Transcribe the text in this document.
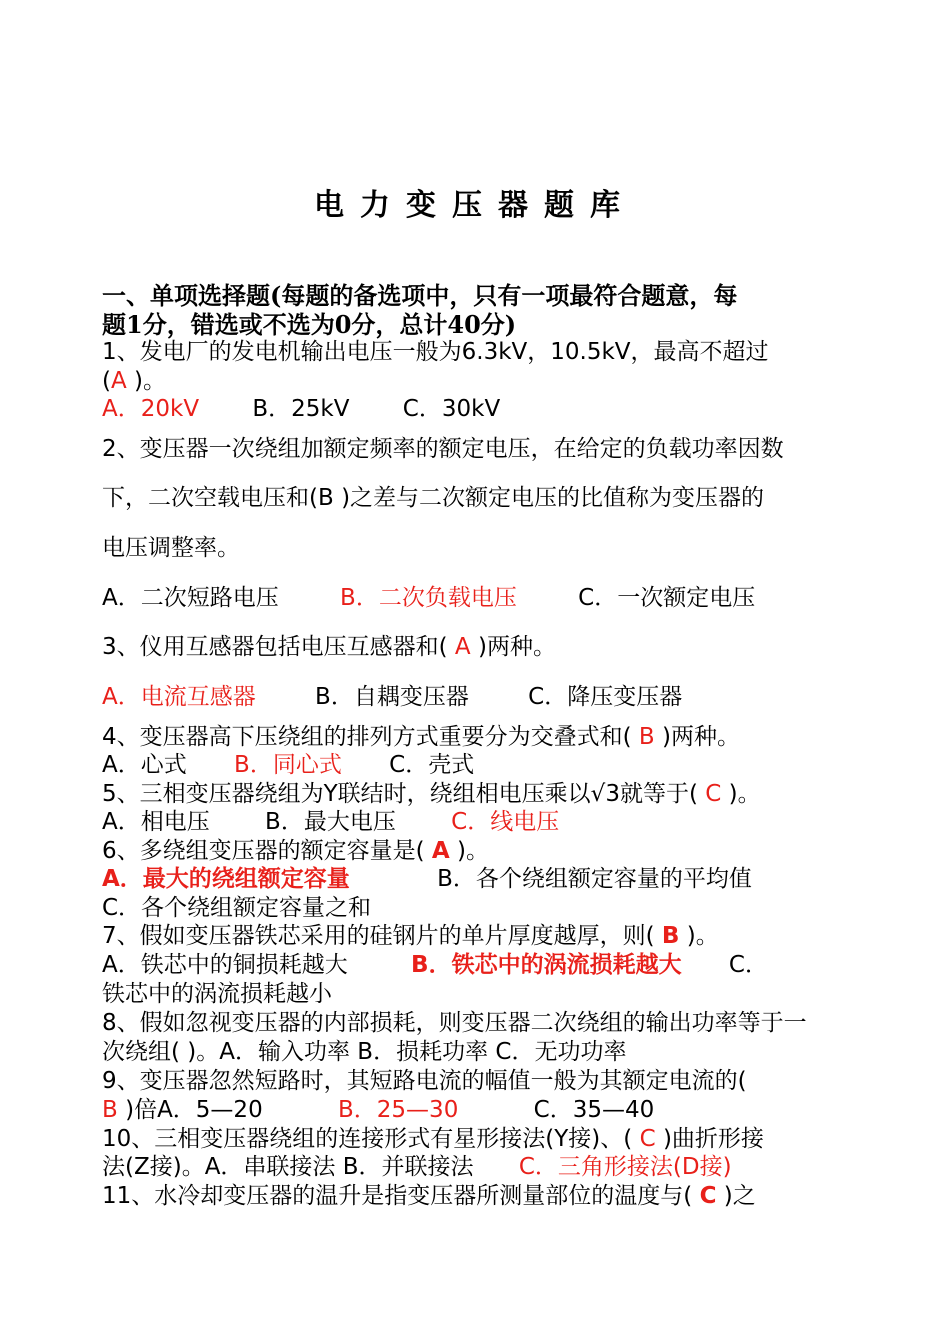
电力变压器题库
一、单项选择题(每题的备选项中，只有一项最符合题意，每
题1分，错选或不选为0分，总计40分)
1、发电厂的发电机输出电压一般为6.3kV，10.5kV，最高不超过
(A )。
A．20kV B．25kV C．30kV
2、变压器一次绕组加额定频率的额定电压，在给定的负载功率因数
下，二次空载电压和(B )之差与二次额定电压的比值称为变压器的
电压调整率。
A．二次短路电压	B．二次负载电压	C．一次额定电压
3、仪用互感器包括电压互感器和( A )两种。
A．电流互感器	B．自耦变压器	C．降压变压器
4、变压器高下压绕组的排列方式重要分为交叠式和( B )两种。
A．心式 B．同心式 C．壳式
5、三相变压器绕组为Y联结时，绕组相电压乘以√3就等于( C )。
A．相电压 B．最大电压 C．线电压
6、多绕组变压器的额定容量是( A )。
A．最大的绕组额定容量	B．各个绕组额定容量的平均值
C．各个绕组额定容量之和
7、假如变压器铁芯采用的硅钢片的单片厚度越厚，则( B )。
A．铁芯中的铜损耗越大	B．铁芯中的涡流损耗越大 C．
铁芯中的涡流损耗越小
8、假如忽视变压器的内部损耗，则变压器二次绕组的输出功率等于一
次绕组( )。A．输入功率 B．损耗功率 C．无功功率
9、变压器忽然短路时，其短路电流的幅值一般为其额定电流的(
B )倍A．5—20	B．25—30	C．35—40
10、三相变压器绕组的连接形式有星形接法(Y接)、( C )曲折形接
法(Z接)。A．串联接法 B．并联接法 C．三角形接法(D接)
11、水冷却变压器的温升是指变压器所测量部位的温度与( C )之
